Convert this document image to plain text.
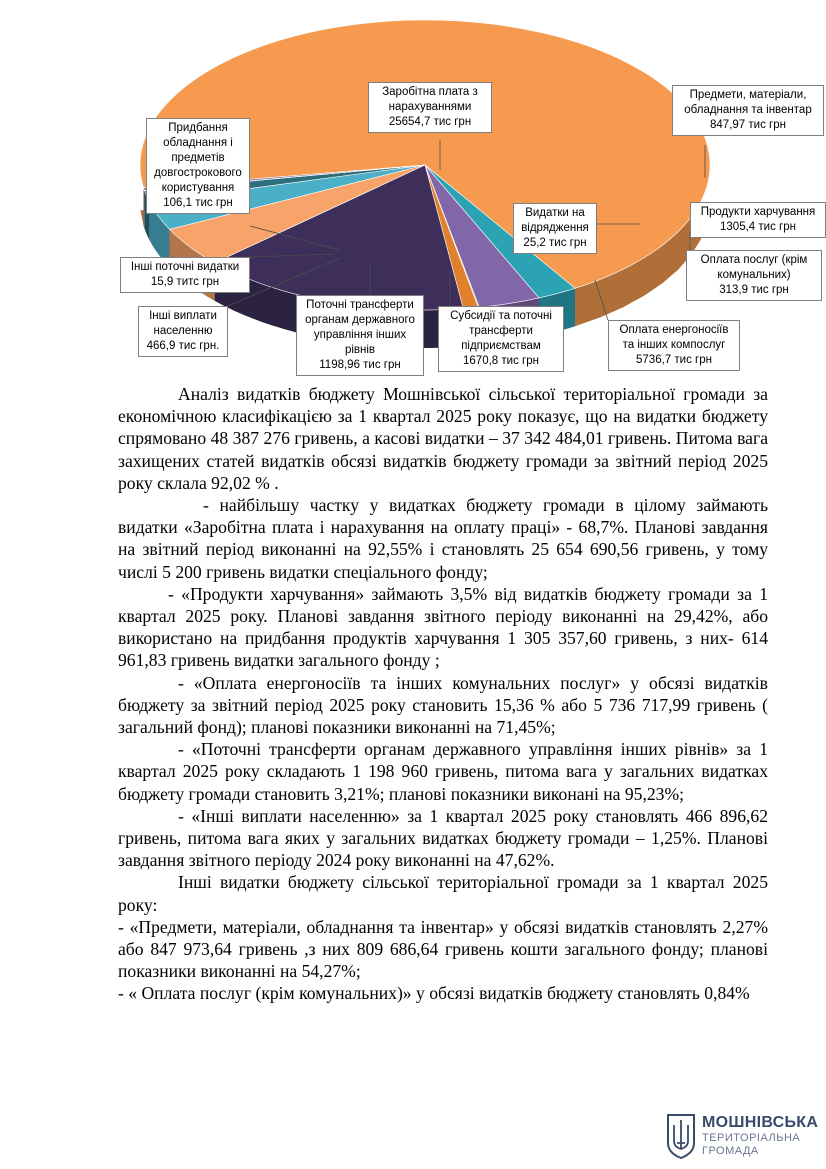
Заробітна плата з
нарахуваннями
25654,7 тис грн
Предмети, матеріали,
обладнання та інвентар
847,97 тис грн
Продукти харчування
1305,4 тис грн
Видатки на
відрядження
25,2 тис грн
Оплата послуг (крім
комунальних)
313,9 тис грн
Оплата енергоносіїв
та інших компослуг
5736,7 тис грн
Субсидії та поточні
трансферти
підприємствам
1670,8 тис грн
Поточні трансферти
органам державного
управління інших
рівнів
1198,96 тис грн
Інші виплати
населенню
466,9 тис грн.
Інші поточні видатки
15,9 титс грн
Придбання
обладнання і
предметів
довгострокового
користування
106,1 тис грн

Аналіз видатків бюджету Мошнівської сільської територіальної громади за економічною класифікацією за 1 квартал 2025 року показує, що на видатки бюджету спрямовано 48 387 276 гривень, а касові видатки – 37 342 484,01 гривень. Питома вага захищених статей видатків обсязі видатків бюджету громади за звітний період 2025 року склала 92,02 % .

- найбільшу частку у видатках бюджету громади в цілому займають видатки «Заробітна плата і нарахування на оплату праці» - 68,7%. Планові завдання на звітний період виконанні на 92,55% і становлять 25 654 690,56 гривень, у тому числі 5 200 гривень видатки спеціального фонду;

- «Продукти харчування» займають 3,5% від видатків бюджету громади за 1 квартал 2025 року. Планові завдання звітного періоду виконанні на 29,42%, або використано на придбання продуктів харчування 1 305 357,60 гривень, з них- 614 961,83 гривень видатки загального фонду ;

- «Оплата енергоносіїв та інших комунальних послуг» у обсязі видатків бюджету за звітний період 2025 року становить 15,36 % або 5 736 717,99 гривень ( загальний фонд); планові показники виконанні на 71,45%;

- «Поточні трансферти органам державного управління інших рівнів» за 1 квартал 2025 року складають 1 198 960 гривень, питома вага у загальних видатках бюджету громади становить 3,21%; планові показники виконані на 95,23%;

- «Інші виплати населенню» за 1 квартал 2025 року становлять 466 896,62 гривень, питома вага яких у загальних видатках бюджету громади – 1,25%. Планові завдання звітного періоду 2024 року виконанні на 47,62%.

Інші видатки бюджету сільської територіальної громади за 1 квартал 2025 року:

- «Предмети, матеріали, обладнання та інвентар» у обсязі видатків становлять 2,27% або 847 973,64 гривень ,з них 809 686,64 гривень кошти загального фонду; планові показники виконанні на 54,27%;

- « Оплата послуг (крім комунальних)» у обсязі видатків бюджету становлять 0,84%

МОШНІВСЬКА
ТЕРИТОРІАЛЬНА
ГРОМАДА
